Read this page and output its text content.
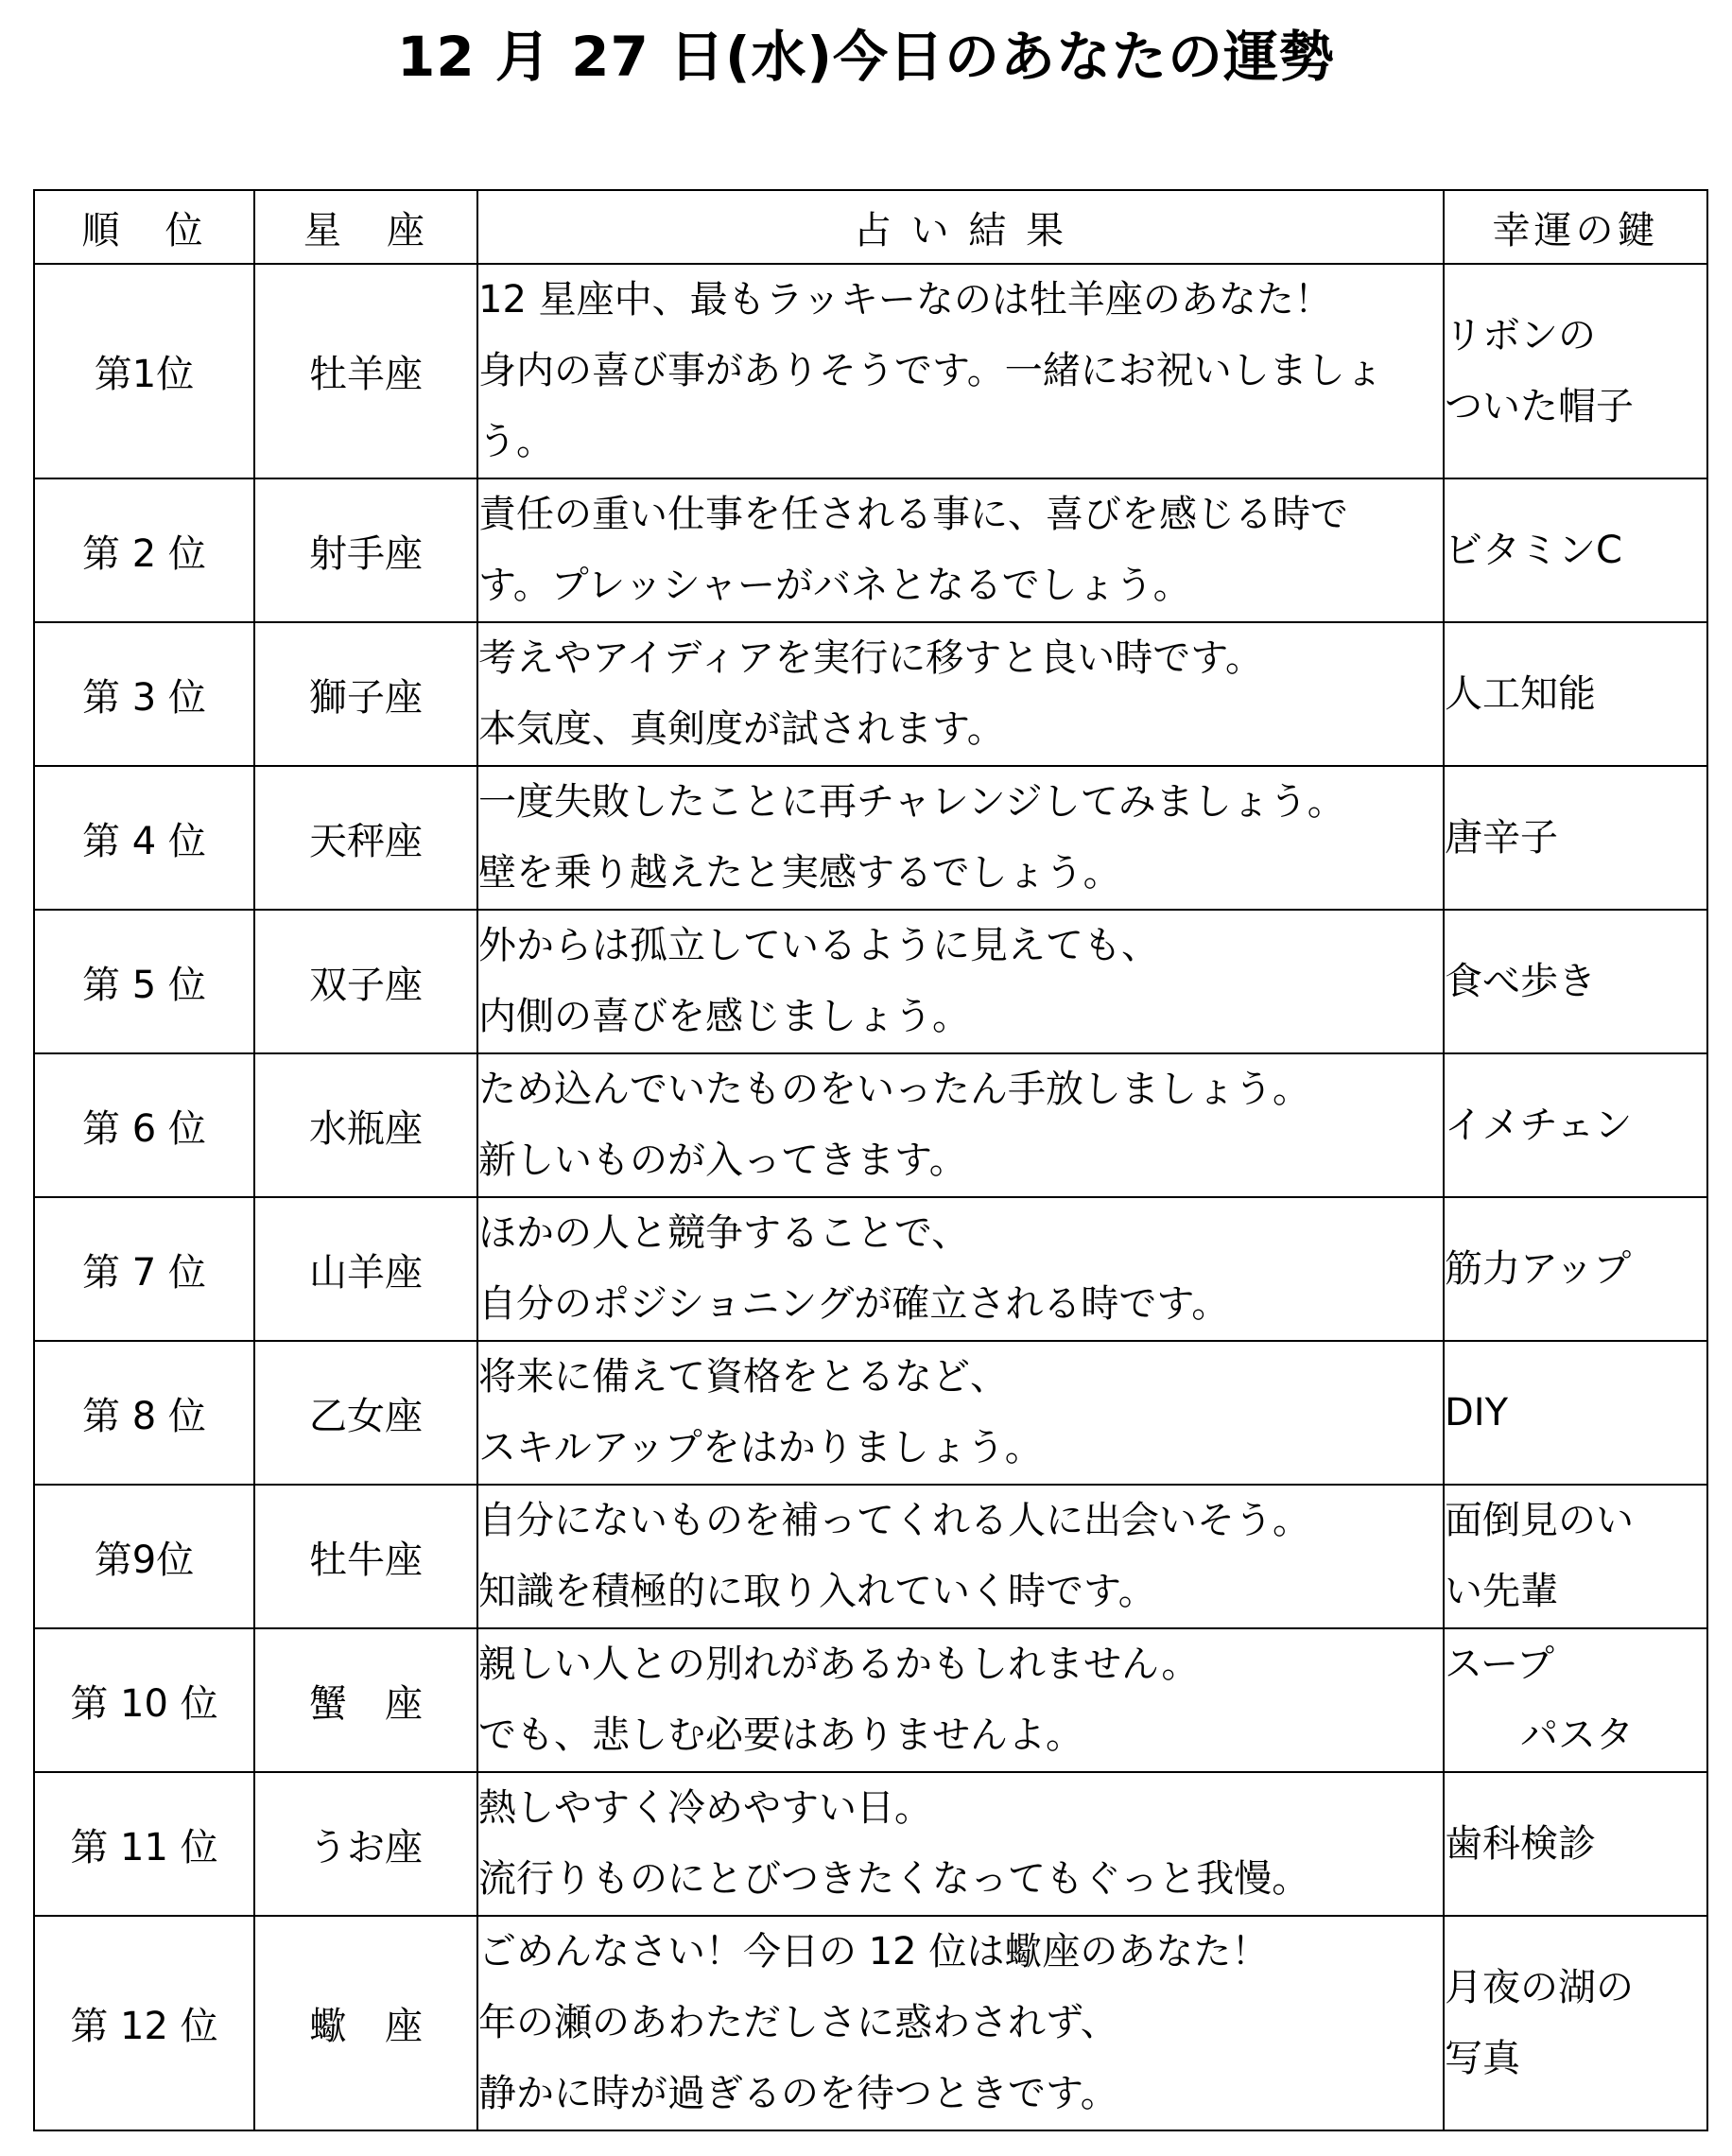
12 月 27 日(水)今日のあなたの運勢
順　位	星　座	占 い 結 果	幸運の鍵
第1位	牡羊座	12 星座中、最もラッキーなのは牡羊座のあなた！
身内の喜び事がありそうです。一緒にお祝いしましょ
う。	リボンの
ついた帽子

第 2 位	射手座	責任の重い仕事を任される事に、喜びを感じる時で
す。プレッシャーがバネとなるでしょう。	ビタミンC

第 3 位	獅子座	考えやアイディアを実行に移すと良い時です。
本気度、真剣度が試されます。	人工知能

第 4 位	天秤座	一度失敗したことに再チャレンジしてみましょう。
壁を乗り越えたと実感するでしょう。	唐辛子

第 5 位	双子座	外からは孤立しているように見えても、
内側の喜びを感じましょう。	食べ歩き

第 6 位	水瓶座	ため込んでいたものをいったん手放しましょう。
新しいものが入ってきます。	イメチェン

第 7 位	山羊座	ほかの人と競争することで、
自分のポジショニングが確立される時です。	筋力アップ

第 8 位	乙女座	将来に備えて資格をとるなど、
スキルアップをはかりましょう。	DIY

第9位	牡牛座	自分にないものを補ってくれる人に出会いそう。
知識を積極的に取り入れていく時です。	面倒見のい
い先輩

第 10 位	蟹　座	親しい人との別れがあるかもしれません。
でも、悲しむ必要はありませんよ。	スープ
　　パスタ

第 11 位	うお座	熱しやすく冷めやすい日。
流行りものにとびつきたくなってもぐっと我慢。	歯科検診

第 12 位	蠍　座	ごめんなさい！今日の 12 位は蠍座のあなた！
年の瀬のあわただしさに惑わされず、
静かに時が過ぎるのを待つときです。	月夜の湖の
写真
